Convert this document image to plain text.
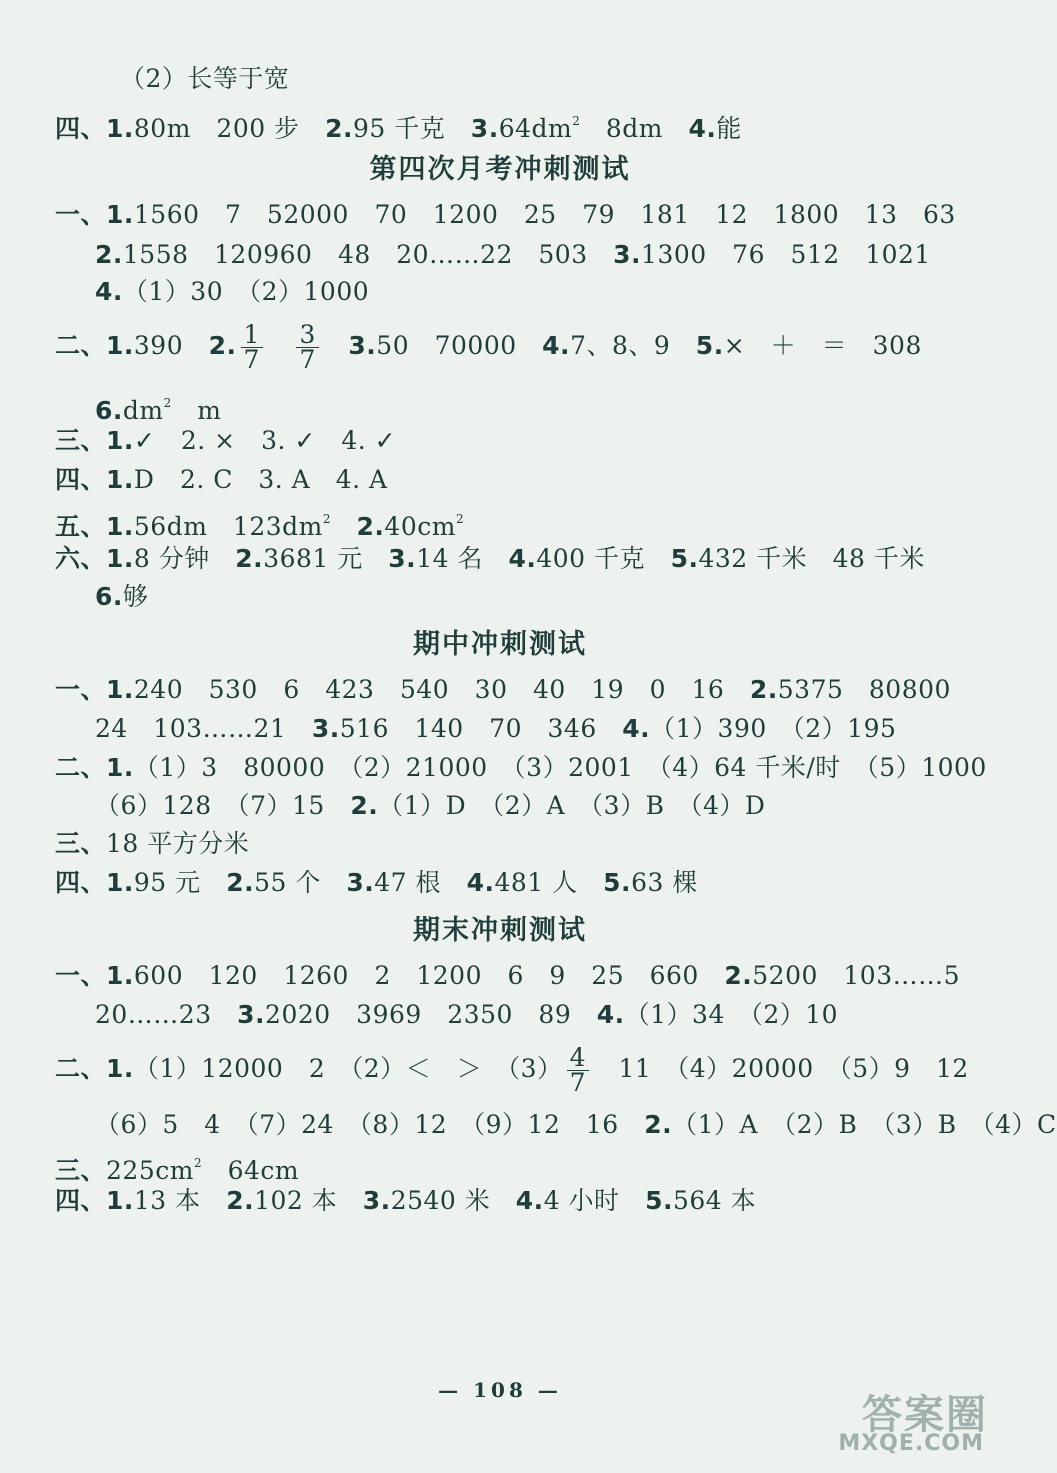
（2）长等于宽
四、1.80m　200 步　 2.95 千克　 $3.64dm^2$　8dm　 4.能
第四次月考冲刺测试
一、1.1560　7　52000　70　1200　25　79　181　12　1800　13　63
2.1558　120960　48　20……22　503　 3.1300　76　512　1021
4.（1）30　（2）1000
二、1.390　 2. $\frac{1}{7}$
　 $\frac{3}{7}$
　 3.50　70000　 4.7、8、9　 5.×　＋　＝　308
$6.dm^2$　m
三、1.✓　2. ×　3. ✓　4. ✓
四、1.D　2. C　3. A　4. A
五、1.56dm　$123dm^2$　 $2.40cm^2$
六、1.8 分钟　 2.3681 元　 3.14 名　 4.400 千克　 5.432 千米　48 千米
6.够
期中冲刺测试
一、1.240　530　6　423　540　30　40　19　0　16　 2.5375　80800
24　103……21　 3.516　140　70　346　 4.（1）390　（2）195
二、1.（1）3　80000　（2）21000　（3）2001　（4）64 千米/时　（5）1000
（6）128　（7）15　 2.（1）D　（2）A　（3）B　（4）D
三、18 平方分米
四、1.95 元　 2.55 个　 3.47 根　 4.481 人　 5.63 棵
期末冲刺测试
一、1.600　120　1260　2　1200　6　9　25　660　 2.5200　103……5
20……23　 3.2020　3969　2350　89　 4.（1）34　（2）10
二、1.（1）12000　2　（2）＜　＞　$(3) \frac{4}{7}$ 　11　（4）20000　（5）9　12
（6）5　4　（7）24　（8）12　（9）12　16　 2.（1）A　（2）B　（3）B　（4）C
三、$225cm^2$　64cm
四、1.13 本　 2.102 本　 3.2540 米　 4.4 小时　 5.564 本
— 108 —
答案圈
MXQE.COM
